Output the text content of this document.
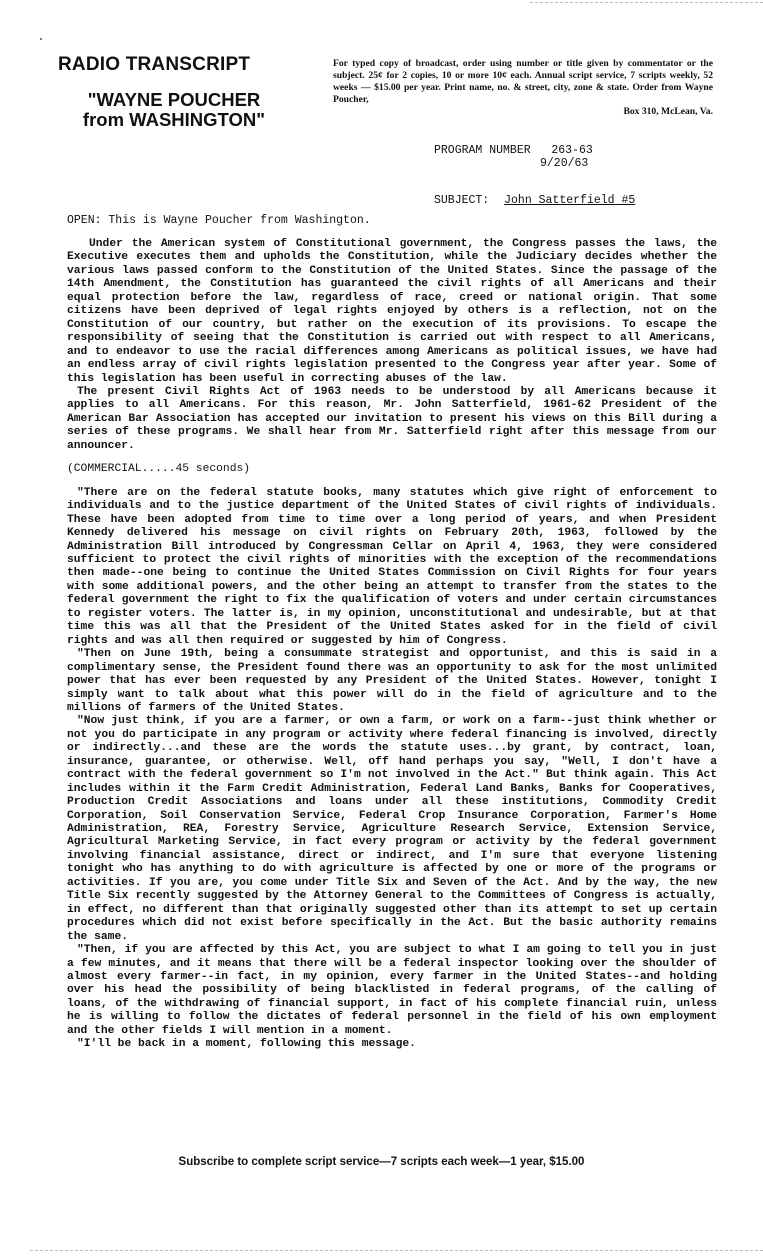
RADIO TRANSCRIPT
"WAYNE POUCHER
from WASHINGTON"
For typed copy of broadcast, order using number or title given by commentator or the subject. 25¢ for 2 copies, 10 or more 10¢ each. Annual script service, 7 scripts weekly, 52 weeks — $15.00 per year. Print name, no. & street, city, zone & state. Order from Wayne Poucher,
Box 310, McLean, Va.
PROGRAM NUMBER 263-63
9/20/63
SUBJECT: John Satterfield #5
OPEN: This is Wayne Poucher from Washington.

Under the American system of Constitutional government, the Congress passes the laws, the Executive executes them and upholds the Constitution, while the Judiciary decides whether the various laws passed conform to the Constitution of the United States. Since the passage of the 14th Amendment, the Constitution has guaranteed the civil rights of all Americans and their equal protection before the law, regardless of race, creed or national origin. That some citizens have been deprived of legal rights enjoyed by others is a reflection, not on the Constitution of our country, but rather on the execution of its provisions. To escape the responsibility of seeing that the Constitution is carried out with respect to all Americans, and to endeavor to use the racial differences among Americans as political issues, we have had an endless array of civil rights legislation presented to the Congress year after year. Some of this legislation has been useful in correcting abuses of the law.

The present Civil Rights Act of 1963 needs to be understood by all Americans because it applies to all Americans. For this reason, Mr. John Satterfield, 1961-62 President of the American Bar Association has accepted our invitation to present his views on this Bill during a series of these programs. We shall hear from Mr. Satterfield right after this message from our announcer.

(COMMERCIAL.....45 seconds)

"There are on the federal statute books, many statutes which give right of enforcement to individuals and to the justice department of the United States of civil rights of individuals. These have been adopted from time to time over a long period of years, and when President Kennedy delivered his message on civil rights on February 20th, 1963, followed by the Administration Bill introduced by Congressman Cellar on April 4, 1963, they were considered sufficient to protect the civil rights of minorities with the exception of the recommendations then made--one being to continue the United States Commission on Civil Rights for four years with some additional powers, and the other being an attempt to transfer from the states to the federal government the right to fix the qualification of voters and under certain circumstances to register voters. The latter is, in my opinion, unconstitutional and undesirable, but at that time this was all that the President of the United States asked for in the field of civil rights and was all then required or suggested by him of Congress.

"Then on June 19th, being a consummate strategist and opportunist, and this is said in a complimentary sense, the President found there was an opportunity to ask for the most unlimited power that has ever been requested by any President of the United States. However, tonight I simply want to talk about what this power will do in the field of agriculture and to the millions of farmers of the United States.

"Now just think, if you are a farmer, or own a farm, or work on a farm--just think whether or not you do participate in any program or activity where federal financing is involved, directly or indirectly...and these are the words the statute uses...by grant, by contract, loan, insurance, guarantee, or otherwise. Well, off hand perhaps you say, "Well, I don't have a contract with the federal government so I'm not involved in the Act." But think again. This Act includes within it the Farm Credit Administration, Federal Land Banks, Banks for Cooperatives, Production Credit Associations and loans under all these institutions, Commodity Credit Corporation, Soil Conservation Service, Federal Crop Insurance Corporation, Farmer's Home Administration, REA, Forestry Service, Agriculture Research Service, Extension Service, Agricultural Marketing Service, in fact every program or activity by the federal government involving financial assistance, direct or indirect, and I'm sure that everyone listening tonight who has anything to do with agriculture is affected by one or more of the programs or activities. If you are, you come under Title Six and Seven of the Act. And by the way, the new Title Six recently suggested by the Attorney General to the Committees of Congress is actually, in effect, no different than that originally suggested other than its attempt to set up certain procedures which did not exist before specifically in the Act. But the basic authority remains the same.

"Then, if you are affected by this Act, you are subject to what I am going to tell you in just a few minutes, and it means that there will be a federal inspector looking over the shoulder of almost every farmer--in fact, in my opinion, every farmer in the United States--and holding over his head the possibility of being blacklisted in federal programs, of the calling of loans, of the withdrawing of financial support, in fact of his complete financial ruin, unless he is willing to follow the dictates of federal personnel in the field of his own employment and the other fields I will mention in a moment.

"I'll be back in a moment, following this message.

Subscribe to complete script service—7 scripts each week—1 year, $15.00
